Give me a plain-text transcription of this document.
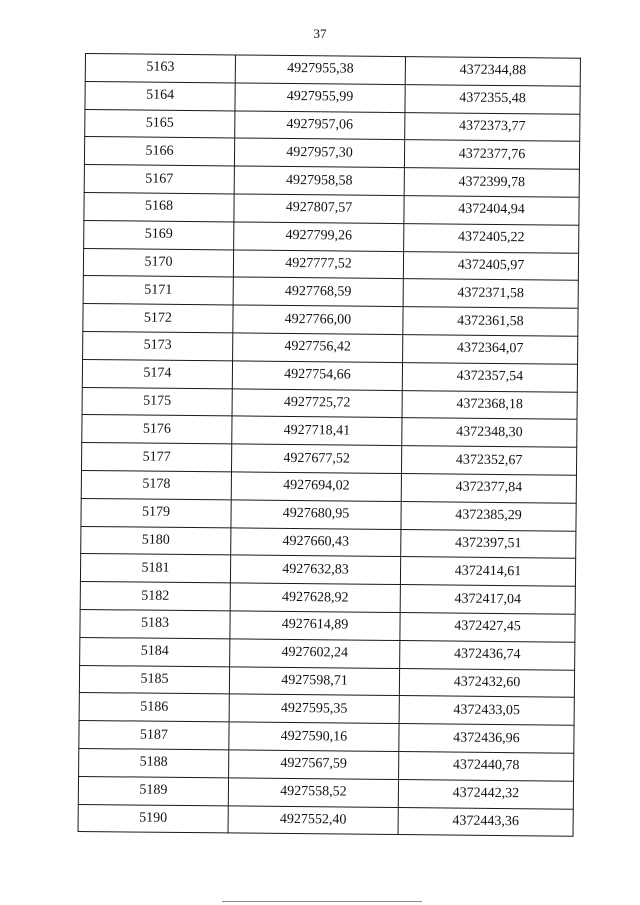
37
5163	4927955,38	4372344,88
5164	4927955,99	4372355,48
5165	4927957,06	4372373,77
5166	4927957,30	4372377,76
5167	4927958,58	4372399,78
5168	4927807,57	4372404,94
5169	4927799,26	4372405,22
5170	4927777,52	4372405,97
5171	4927768,59	4372371,58
5172	4927766,00	4372361,58
5173	4927756,42	4372364,07
5174	4927754,66	4372357,54
5175	4927725,72	4372368,18
5176	4927718,41	4372348,30
5177	4927677,52	4372352,67
5178	4927694,02	4372377,84
5179	4927680,95	4372385,29
5180	4927660,43	4372397,51
5181	4927632,83	4372414,61
5182	4927628,92	4372417,04
5183	4927614,89	4372427,45
5184	4927602,24	4372436,74
5185	4927598,71	4372432,60
5186	4927595,35	4372433,05
5187	4927590,16	4372436,96
5188	4927567,59	4372440,78
5189	4927558,52	4372442,32
5190	4927552,40	4372443,36
